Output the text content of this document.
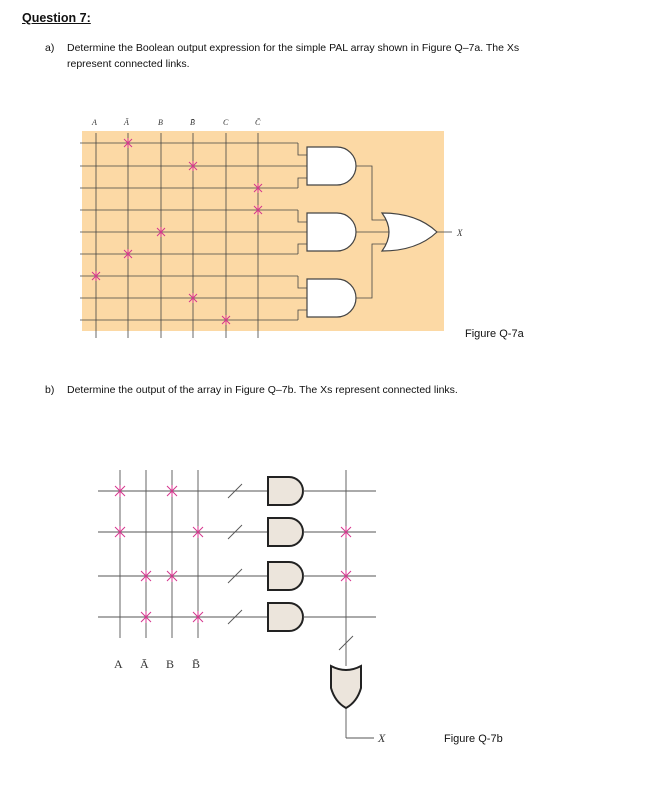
Question 7:
a) Determine the Boolean output expression for the simple PAL array shown in Figure Q–7a. The Xs
represent connected links.
A	Ā	B	B̄	C	C̄
X
Figure Q-7a
b) Determine the output of the array in Figure Q–7b. The Xs represent connected links.
X
A Ā B B̄
Figure Q-7b
